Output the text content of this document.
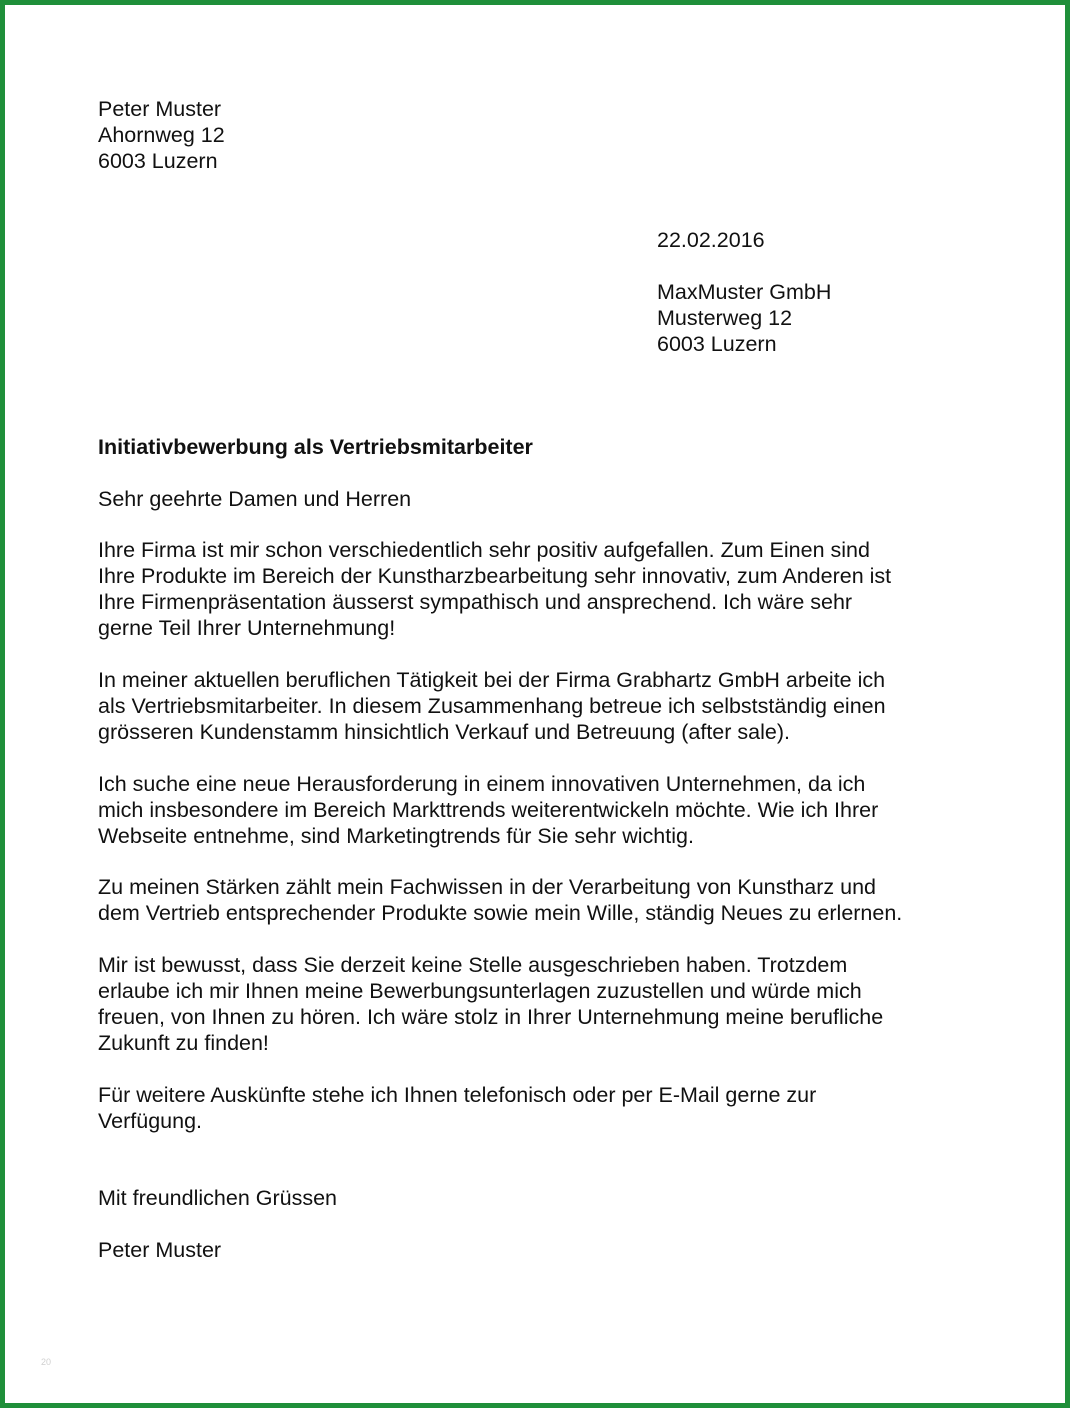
Peter Muster
Ahornweg 12
6003 Luzern
22.02.2016
MaxMuster GmbH
Musterweg 12
6003 Luzern
Initiativbewerbung als Vertriebsmitarbeiter
Sehr geehrte Damen und Herren
Ihre Firma ist mir schon verschiedentlich sehr positiv aufgefallen. Zum Einen sind
Ihre Produkte im Bereich der Kunstharzbearbeitung sehr innovativ, zum Anderen ist
Ihre Firmenpräsentation äusserst sympathisch und ansprechend. Ich wäre sehr
gerne Teil Ihrer Unternehmung!
In meiner aktuellen beruflichen Tätigkeit bei der Firma Grabhartz GmbH arbeite ich
als Vertriebsmitarbeiter. In diesem Zusammenhang betreue ich selbstständig einen
grösseren Kundenstamm hinsichtlich Verkauf und Betreuung (after sale).
Ich suche eine neue Herausforderung in einem innovativen Unternehmen, da ich
mich insbesondere im Bereich Markttrends weiterentwickeln möchte. Wie ich Ihrer
Webseite entnehme, sind Marketingtrends für Sie sehr wichtig.
Zu meinen Stärken zählt mein Fachwissen in der Verarbeitung von Kunstharz und
dem Vertrieb entsprechender Produkte sowie mein Wille, ständig Neues zu erlernen.
Mir ist bewusst, dass Sie derzeit keine Stelle ausgeschrieben haben. Trotzdem
erlaube ich mir Ihnen meine Bewerbungsunterlagen zuzustellen und würde mich
freuen, von Ihnen zu hören. Ich wäre stolz in Ihrer Unternehmung meine berufliche
Zukunft zu finden!
Für weitere Auskünfte stehe ich Ihnen telefonisch oder per E-Mail gerne zur
Verfügung.
Mit freundlichen Grüssen
Peter Muster
20
